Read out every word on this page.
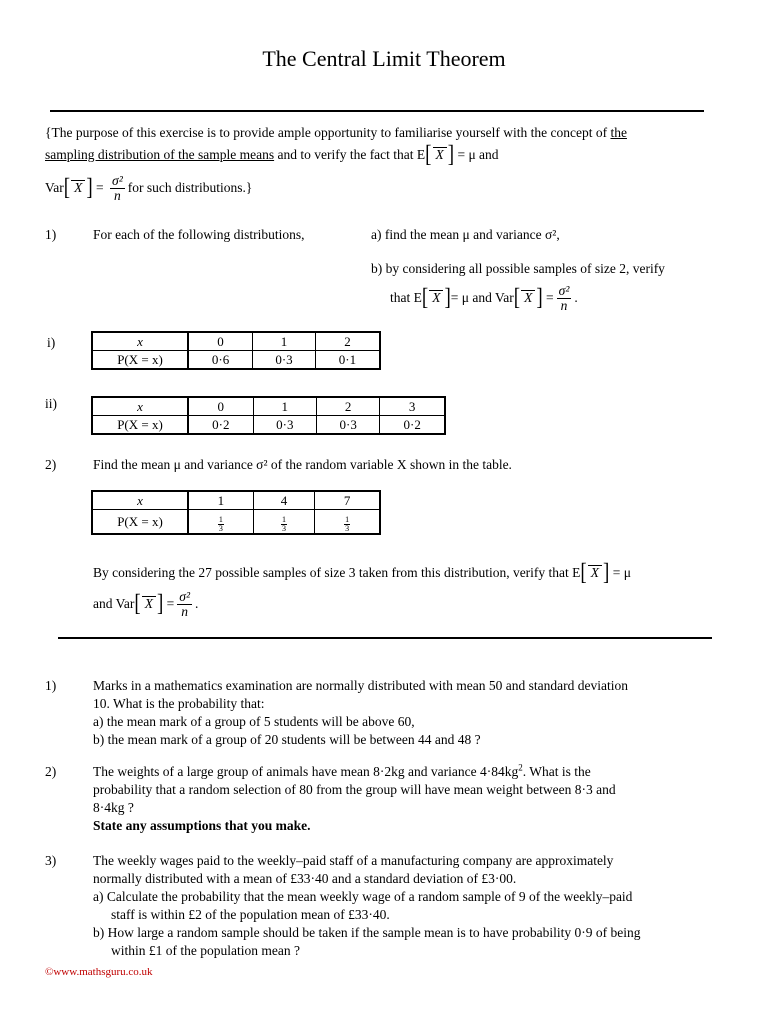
The Central Limit Theorem
{The purpose of this exercise is to provide ample opportunity to familiarise yourself with the concept of the
sampling distribution of the sample means and to verify the fact that E[ X ] = μ and
Var [ X ] = $\frac{\text{σ²}}{n}$ for such distributions.}
1)	For each of the following distributions,	a) find the mean μ and variance σ²,
b) by considering all possible samples of size 2, verify
that E [ X ] = μ and Var [ X ] = $\frac{\text{σ²}}{n}$ .
i)	x	0	1	2
P(X = x)	0·6	0·3	0·1
ii)	x	0	1	2	3
P(X = x)	0·2	0·3	0·3	0·2
2)	Find the mean μ and variance σ² of the random variable X shown in the table.
x	1	4	7
P(X = x)	$\frac{1}{3}$	$\frac{1}{3}$	$\frac{1}{3}$
By considering the 27 possible samples of size 3 taken from this distribution, verify that E[ X ] = μ
and Var [ X ] = $\frac{\text{σ²}}{n}$ .
1)	Marks in a mathematics examination are normally distributed with mean 50 and standard deviation
10. What is the probability that:
a) the mean mark of a group of 5 students will be above 60,
b) the mean mark of a group of 20 students will be between 44 and 48 ?
2)	The weights of a large group of animals have mean 8·2kg and variance $4\cdot 84kg^2$. What is the
probability that a random selection of 80 from the group will have mean weight between 8·3 and
8·4kg ?
State any assumptions that you make.
3)	The weekly wages paid to the weekly–paid staff of a manufacturing company are approximately
normally distributed with a mean of £33·40 and a standard deviation of £3·00.
a) Calculate the probability that the mean weekly wage of a random sample of 9 of the weekly–paid
staff is within £2 of the population mean of £33·40.
b) How large a random sample should be taken if the sample mean is to have probability 0·9 of being
within £1 of the population mean ?
©www.mathsguru.co.uk
